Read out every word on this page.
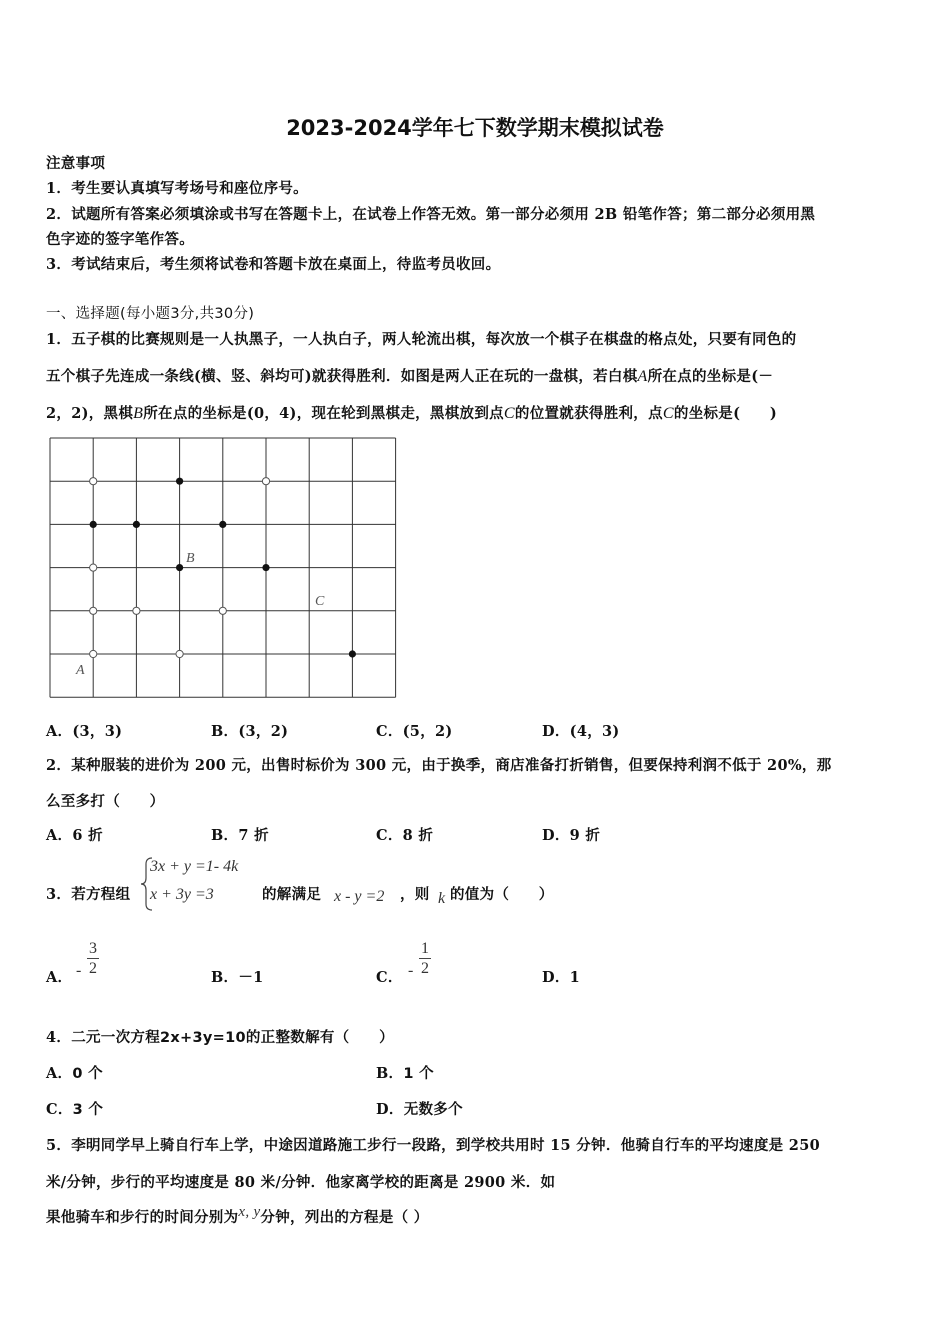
2023-2024学年七下数学期末模拟试卷
注意事项
1．考生要认真填写考场号和座位序号。
2．试题所有答案必须填涂或书写在答题卡上，在试卷上作答无效。第一部分必须用 2B 铅笔作答；第二部分必须用黑
色字迹的签字笔作答。
3．考试结束后，考生须将试卷和答题卡放在桌面上，待监考员收回。
一、选择题(每小题3分,共30分)
1．五子棋的比赛规则是一人执黑子，一人执白子，两人轮流出棋，每次放一个棋子在棋盘的格点处，只要有同色的
五个棋子先连成一条线(横、竖、斜均可)就获得胜利．如图是两人正在玩的一盘棋，若白棋A所在点的坐标是(－
2，2)，黑棋B所在点的坐标是(0，4)，现在轮到黑棋走，黑棋放到点C的位置就获得胜利，点C的坐标是(　　)
A
B
C
A．(3，3)	B．(3，2)	C．(5，2)	D．(4，3)
2．某种服装的进价为 200 元，出售时标价为 300 元，由于换季，商店准备打折销售，但要保持利润不低于 20%，那
么至多打（　　）
A．6 折	B．7 折	C．8 折	D．9 折
3．若方程组
3x + y =1- 4k
x + 3y =3	的解满足 x - y =2 ，则 k 的值为（　　）
A． - $\frac{3}{2}$	B．－1	C． - $\frac{1}{2}$	D．1
4．二元一次方程2x+3y=10的正整数解有（　　）
A．0 个	B．1 个
C．3 个	D．无数多个
5．李明同学早上骑自行车上学，中途因道路施工步行一段路，到学校共用时 15 分钟．他骑自行车的平均速度是 250
米/分钟，步行的平均速度是 80 米/分钟．他家离学校的距离是 2900 米．如
果他骑车和步行的时间分别为x, y分钟，列出的方程是（ ）
